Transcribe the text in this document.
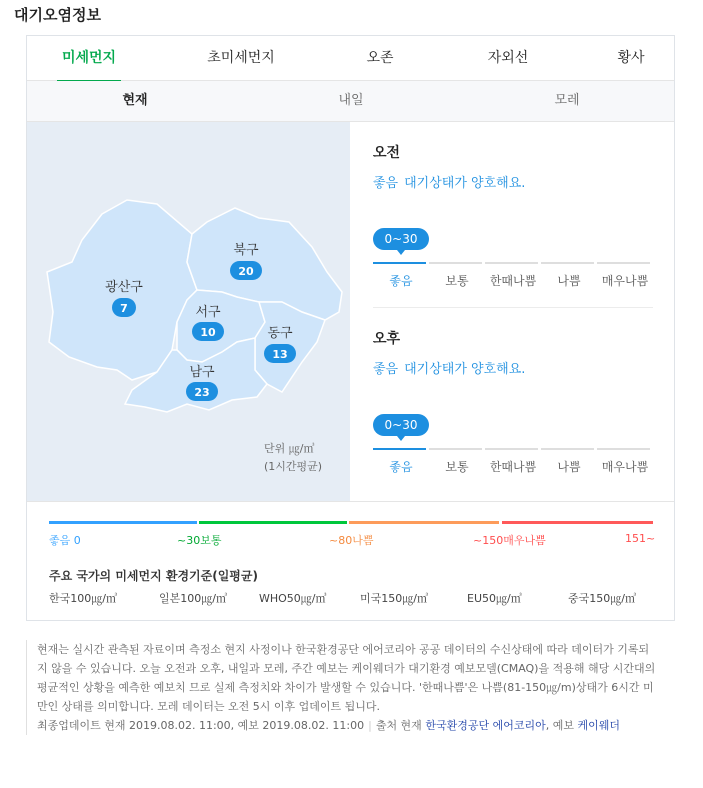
대기오염정보
미세먼지	초미세먼지	오존	자외선	황사
현재	내일	모레
광산구
7
북구
20
서구
10	동구
13
남구
23
단위 ㎍/㎥
(1시간평균)
오전
좋음 대기상태가 양호해요.
0~30
좋음	보통	한때나쁨	나쁨	매우나쁨
오후
좋음 대기상태가 양호해요.
0~30
좋음	보통	한때나쁨	나쁨	매우나쁨
좋음 0	~30보통	~80나쁨	~150매우나쁨	151~
주요 국가의 미세먼지 환경기준(일평균)
한국100㎍/㎥	일본100㎍/㎥	WHO50㎍/㎥	미국150㎍/㎥	EU50㎍/㎥	중국150㎍/㎥
현재는 실시간 관측된 자료이며 측정소 현지 사정이나 한국환경공단 에어코리아 공공 데이터의 수신상태에 따라 데이터가 기록되지 않을 수 있습니다. 오늘 오전과 오후, 내일과 모레, 주간 예보는 케이웨더가 대기환경 예보모델(CMAQ)을 적용해 해당 시간대의 평균적인 상황을 예측한 예보치 므로 실제 측정치와 차이가 발생할 수 있습니다. '한때나쁨'은 나쁨(81-150㎍/m)상태가 6시간 미만인 상태를 의미합니다. 모레 데이터는 오전 5시 이후 업데이트 됩니다.
최종업데이트 현재 2019.08.02. 11:00, 예보 2019.08.02. 11:00 | 출처 현재 한국환경공단 에어코리아, 예보 케이웨더
